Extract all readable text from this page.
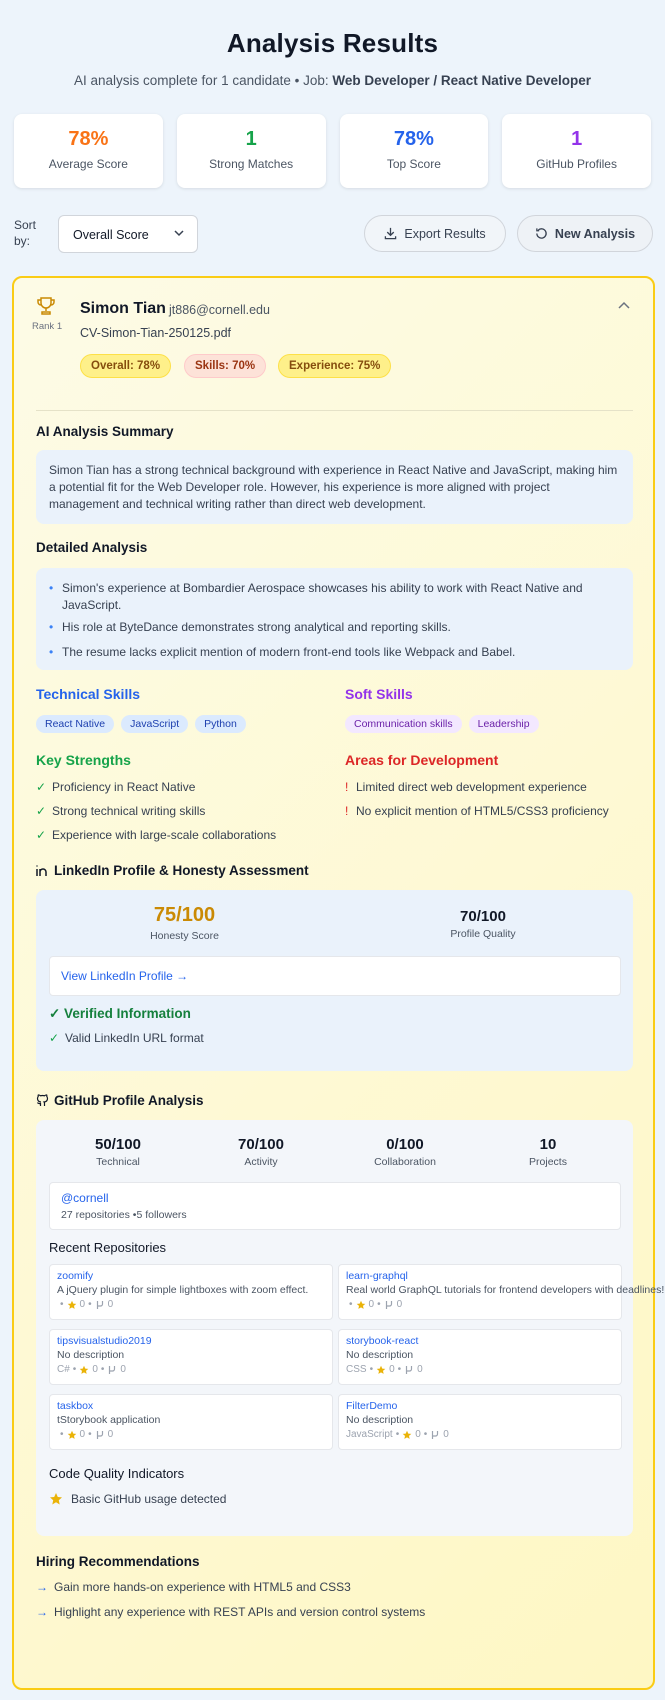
Analysis Results
AI analysis complete for 1 candidate • Job: Web Developer / React Native Developer
78%
Average Score
1
Strong Matches
78%
Top Score
1
GitHub Profiles
Sort
by:	Overall Score	Export Results	New Analysis
Rank 1
Simon Tian jt886@cornell.edu
CV-Simon-Tian-250125.pdf
Overall: 78%	Skills: 70%	Experience: 75%
AI Analysis Summary
Simon Tian has a strong technical background with experience in React Native and JavaScript, making him a potential fit for the Web Developer role. However, his experience is more aligned with project management and technical writing rather than direct web development.
Detailed Analysis
• Simon's experience at Bombardier Aerospace showcases his ability to work with React Native and JavaScript.
• His role at ByteDance demonstrates strong analytical and reporting skills.
• The resume lacks explicit mention of modern front-end tools like Webpack and Babel.
Technical Skills
React Native JavaScript Python
Soft Skills
Communication skills Leadership
Key Strengths
✓ Proficiency in React Native
✓ Strong technical writing skills
✓ Experience with large-scale collaborations
Areas for Development
! Limited direct web development experience
! No explicit mention of HTML5/CSS3 proficiency
LinkedIn Profile & Honesty Assessment
75/100
Honesty Score
70/100
Profile Quality
View LinkedIn Profile →
✓ Verified Information
✓ Valid LinkedIn URL format
GitHub Profile Analysis
50/100
Technical
70/100
Activity
0/100
Collaboration
10
Projects
@cornell
27 repositories •5 followers
Recent Repositories
zoomify
A jQuery plugin for simple lightboxes with zoom effect.
• 0 • 0
learn-graphql
Real world GraphQL tutorials for frontend developers with deadlines!
• 0 • 0
tipsvisualstudio2019
No description
C# • 0 • 0
storybook-react
No description
CSS • 0 • 0
taskbox
tStorybook application
• 0 • 0
FilterDemo
No description
JavaScript • 0 • 0
Code Quality Indicators
Basic GitHub usage detected
Hiring Recommendations
→ Gain more hands-on experience with HTML5 and CSS3
→ Highlight any experience with REST APIs and version control systems
